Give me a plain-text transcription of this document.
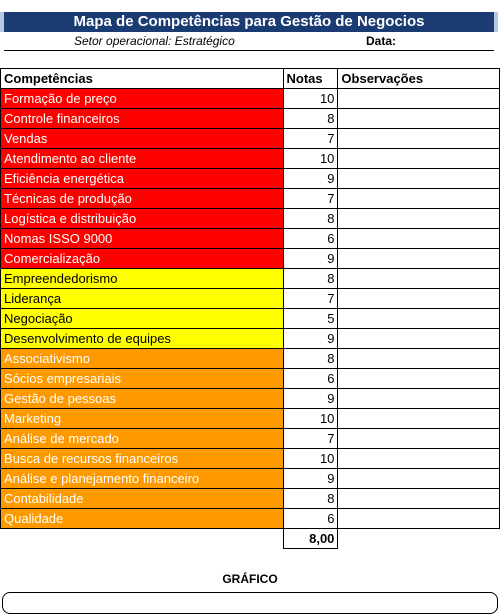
Mapa de Competências para Gestão de Negocios
Setor operacional: Estratégico	Data:
Competências	Notas	Observações
Formação de preço	10	
Controle financeiros	8	
Vendas	7	
Atendimento ao cliente	10	
Eficiência energética	9	
Técnicas de produção	7	
Logística e distribuição	8	
Nomas ISSO 9000	6	
Comercialização	9	
Empreendedorismo	8	
Liderança	7	
Negociação	5	
Desenvolvimento de equipes	9	
Associativismo	8	
Sócios empresariais	6	
Gestão de pessoas	9	
Marketing	10	
Análise de mercado	7	
Busca de recursos financeiros	10	
Análise e planejamento financeiro	9	
Contabilidade	8	
Qualidade	6	
	8,00	
GRÁFICO
